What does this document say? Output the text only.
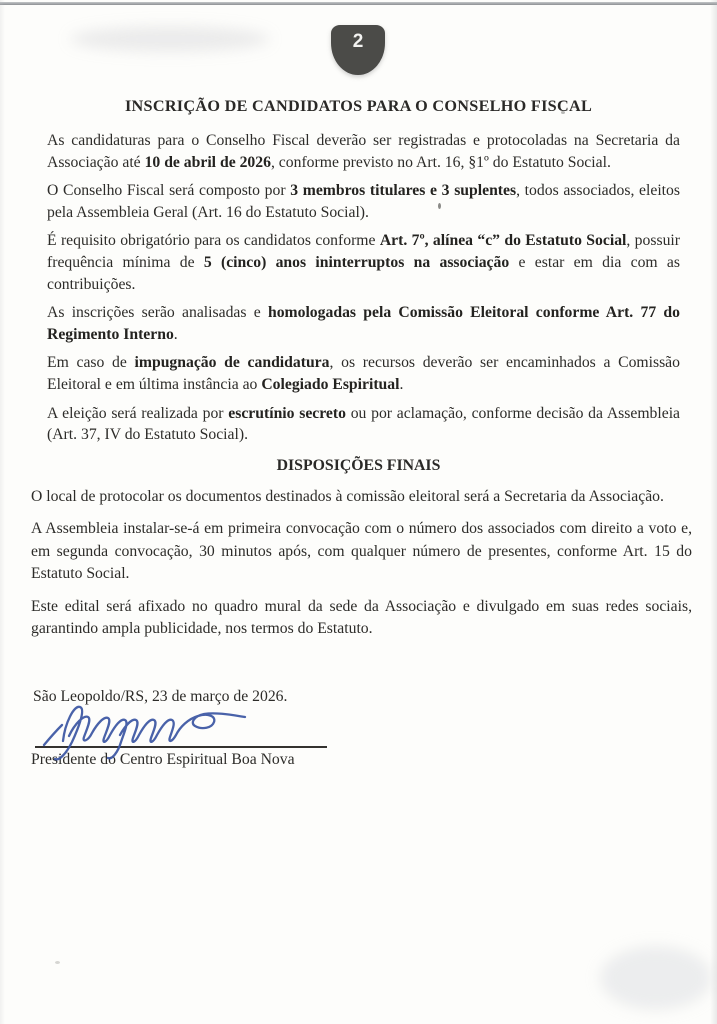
2
INSCRIÇÃO DE CANDIDATOS PARA O CONSELHO FISCAL

As candidaturas para o Conselho Fiscal deverão ser registradas e protocoladas na Secretaria da Associação até 10 de abril de 2026, conforme previsto no Art. 16, §1º do Estatuto Social.

O Conselho Fiscal será composto por 3 membros titulares e 3 suplentes, todos associados, eleitos pela Assembleia Geral (Art. 16 do Estatuto Social).

É requisito obrigatório para os candidatos conforme Art. 7º, alínea “c” do Estatuto Social, possuir frequência mínima de 5 (cinco) anos ininterruptos na associação e estar em dia com as contribuições.

As inscrições serão analisadas e homologadas pela Comissão Eleitoral conforme Art. 77 do Regimento Interno.

Em caso de impugnação de candidatura, os recursos deverão ser encaminhados a Comissão Eleitoral e em última instância ao Colegiado Espiritual.

A eleição será realizada por escrutínio secreto ou por aclamação, conforme decisão da Assembleia (Art. 37, IV do Estatuto Social).

DISPOSIÇÕES FINAIS

O local de protocolar os documentos destinados à comissão eleitoral será a Secretaria da Associação.

A Assembleia instalar-se-á em primeira convocação com o número dos associados com direito a voto e, em segunda convocação, 30 minutos após, com qualquer número de presentes, conforme Art. 15 do Estatuto Social.

Este edital será afixado no quadro mural da sede da Associação e divulgado em suas redes sociais, garantindo ampla publicidade, nos termos do Estatuto.

São Leopoldo/RS, 23 de março de 2026.

Presidente do Centro Espiritual Boa Nova
